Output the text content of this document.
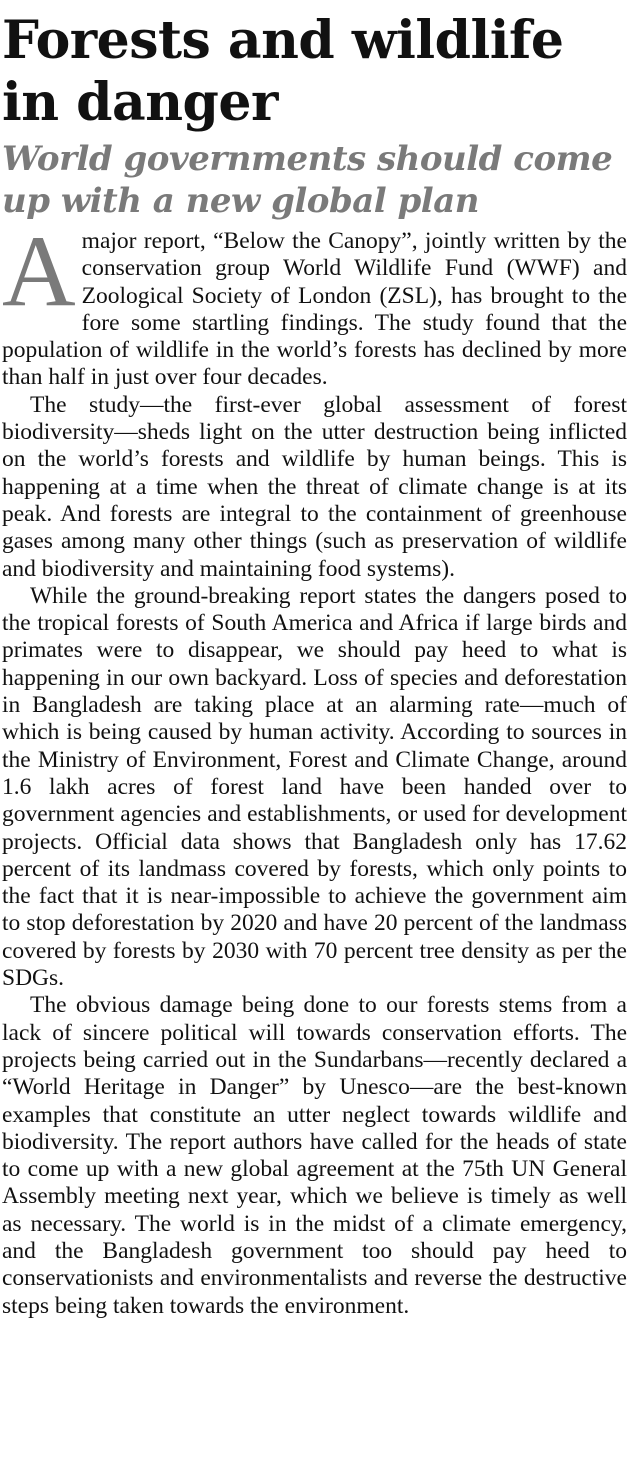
Forests and wildlife in danger
World governments should come up with a new global plan

A major report, “Below the Canopy”, jointly written by the conservation group World Wildlife Fund (WWF) and Zoological Society of London (ZSL), has brought to the fore some startling findings. The study found that the population of wildlife in the world’s forests has declined by more than half in just over four decades.

The study—the first-ever global assessment of forest biodiversity—sheds light on the utter destruction being inflicted on the world’s forests and wildlife by human beings. This is happening at a time when the threat of climate change is at its peak. And forests are integral to the containment of greenhouse gases among many other things (such as preservation of wildlife and biodiversity and maintaining food systems).

While the ground-breaking report states the dangers posed to the tropical forests of South America and Africa if large birds and primates were to disappear, we should pay heed to what is happening in our own backyard. Loss of species and deforestation in Bangladesh are taking place at an alarming rate—much of which is being caused by human activity. According to sources in the Ministry of Environment, Forest and Climate Change, around 1.6 lakh acres of forest land have been handed over to government agencies and establishments, or used for development projects. Official data shows that Bangladesh only has 17.62 percent of its landmass covered by forests, which only points to the fact that it is near-impossible to achieve the government aim to stop deforestation by 2020 and have 20 percent of the landmass covered by forests by 2030 with 70 percent tree density as per the SDGs.

The obvious damage being done to our forests stems from a lack of sincere political will towards conservation efforts. The projects being carried out in the Sundarbans—recently declared a “World Heritage in Danger” by Unesco—are the best-known examples that constitute an utter neglect towards wildlife and biodiversity. The report authors have called for the heads of state to come up with a new global agreement at the 75th UN General Assembly meeting next year, which we believe is timely as well as necessary. The world is in the midst of a climate emergency, and the Bangladesh government too should pay heed to conservationists and environmentalists and reverse the destructive steps being taken towards the environment.
